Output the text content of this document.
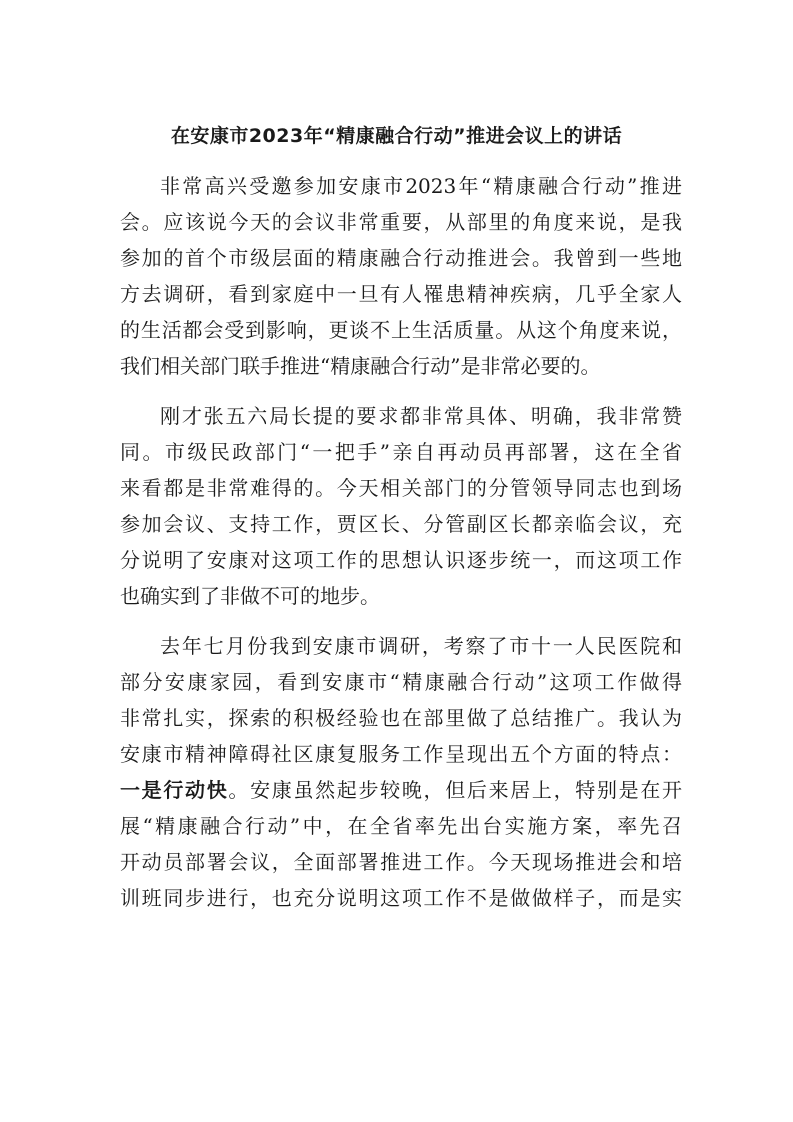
在安康市2023年“精康融合行动”推进会议上的讲话
非常高兴受邀参加安康市2023年“精康融合行动”推进
会。应该说今天的会议非常重要，从部里的角度来说，是我
参加的首个市级层面的精康融合行动推进会。我曾到一些地
方去调研，看到家庭中一旦有人罹患精神疾病，几乎全家人
的生活都会受到影响，更谈不上生活质量。从这个角度来说，
我们相关部门联手推进“精康融合行动”是非常必要的。
刚才张五六局长提的要求都非常具体、明确，我非常赞
同。市级民政部门“一把手”亲自再动员再部署，这在全省
来看都是非常难得的。今天相关部门的分管领导同志也到场
参加会议、支持工作，贾区长、分管副区长都亲临会议，充
分说明了安康对这项工作的思想认识逐步统一，而这项工作
也确实到了非做不可的地步。
去年七月份我到安康市调研，考察了市十一人民医院和
部分安康家园，看到安康市“精康融合行动”这项工作做得
非常扎实，探索的积极经验也在部里做了总结推广。我认为
安康市精神障碍社区康复服务工作呈现出五个方面的特点：
一是行动快。安康虽然起步较晚，但后来居上，特别是在开
展“精康融合行动”中，在全省率先出台实施方案，率先召
开动员部署会议，全面部署推进工作。今天现场推进会和培
训班同步进行，也充分说明这项工作不是做做样子，而是实
